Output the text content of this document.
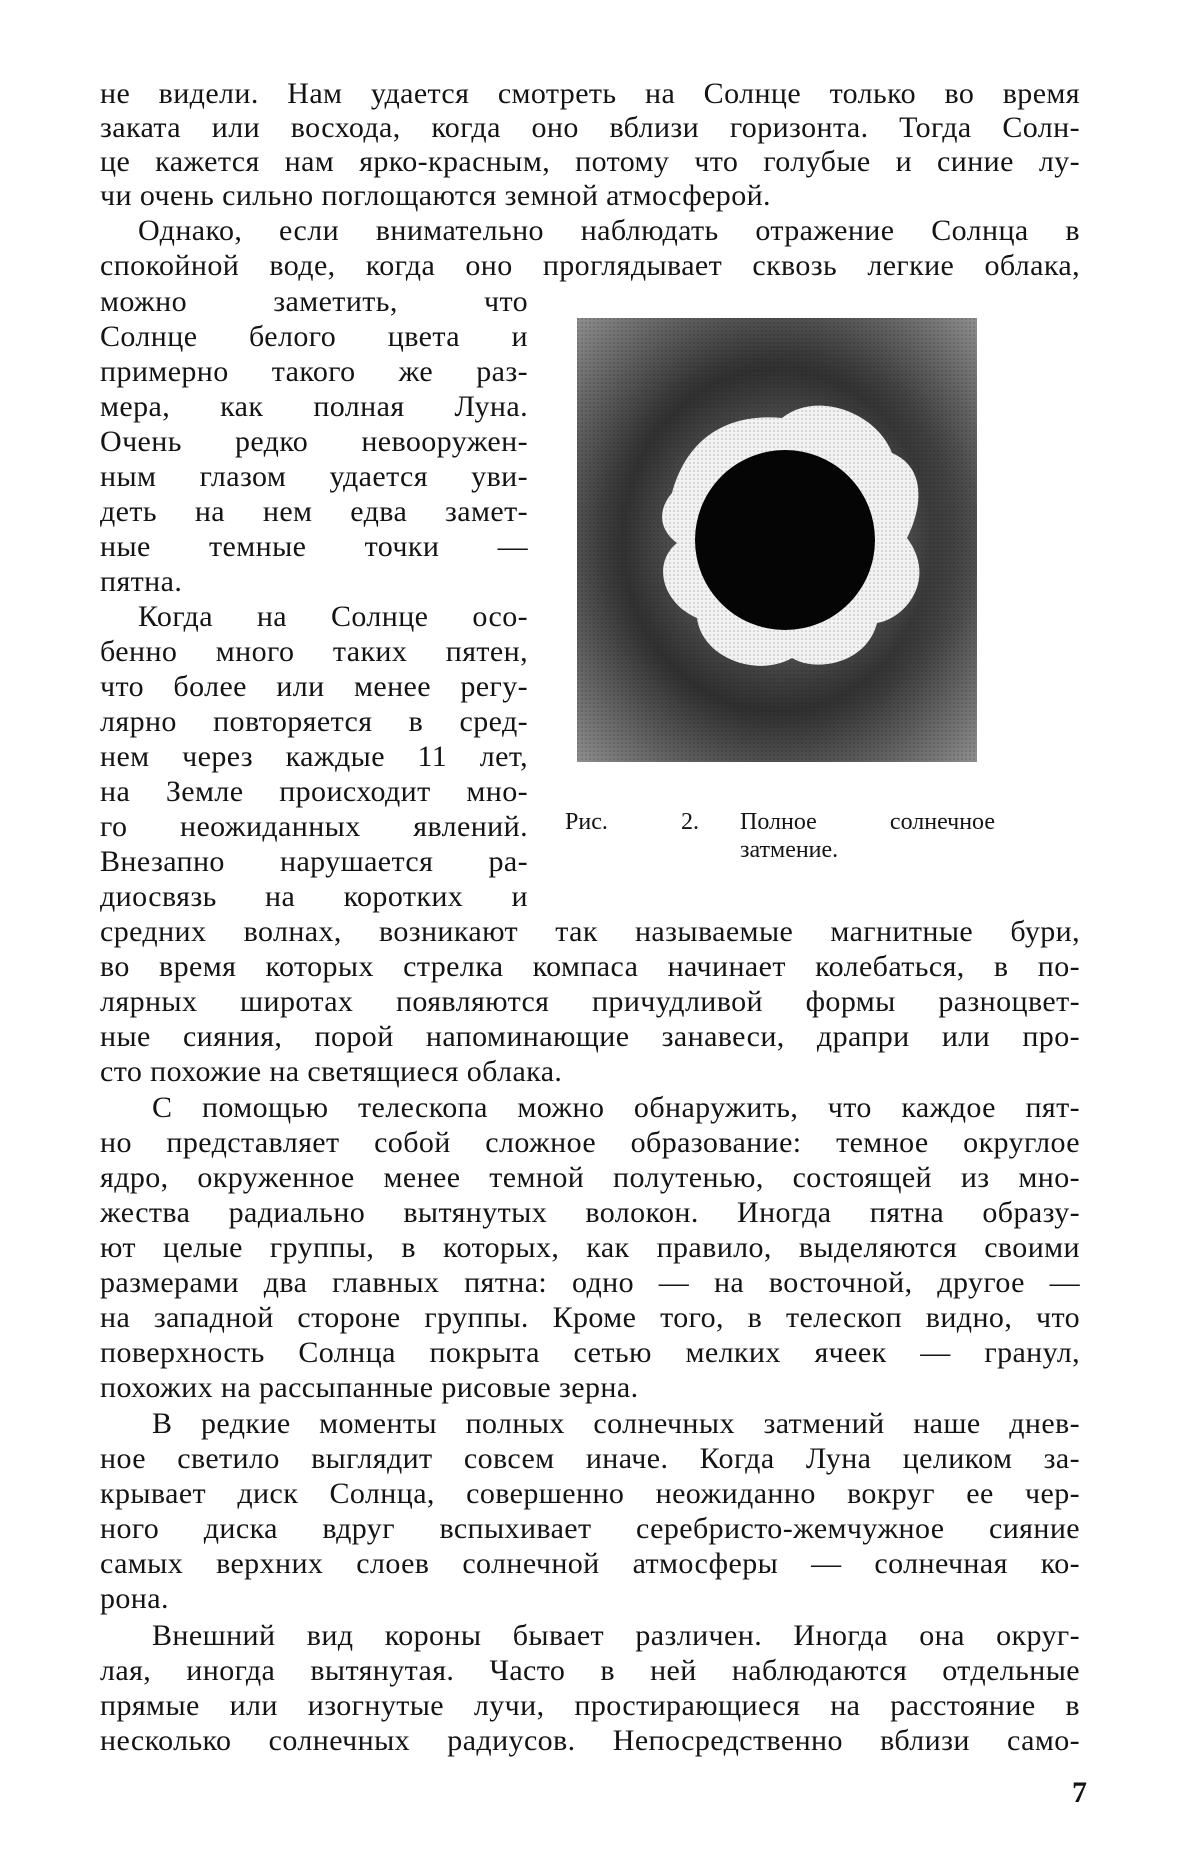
не видели. Нам удается смотреть на Солнце только во время
заката или восхода, когда оно вблизи горизонта. Тогда Солн-
це кажется нам ярко-красным, потому что голубые и синие лу-
чи очень сильно поглощаются земной атмосферой.
Однако, если внимательно наблюдать отражение Солнца в
спокойной воде, когда оно проглядывает сквозь легкие облака,
можно заметить, что
Солнце белого цвета и
примерно такого же раз-
мера, как полная Луна.
Очень редко невооружен-
ным глазом удается уви-
деть на нем едва замет-
ные темные точки —
пятна.
Когда на Солнце осо-
бенно много таких пятен,
что более или менее регу-
лярно повторяется в сред-
нем через каждые 11 лет,
на Земле происходит мно-
го неожиданных явлений.
Внезапно нарушается ра-
диосвязь на коротких и
средних волнах, возникают так называемые магнитные бури,
во время которых стрелка компаса начинает колебаться, в по-
лярных широтах появляются причудливой формы разноцвет-
ные сияния, порой напоминающие занавеси, драпри или про-
сто похожие на светящиеся облака.
С помощью телескопа можно обнаружить, что каждое пят-
но представляет собой сложное образование: темное округлое
ядро, окруженное менее темной полутенью, состоящей из мно-
жества радиально вытянутых волокон. Иногда пятна образу-
ют целые группы, в которых, как правило, выделяются своими
размерами два главных пятна: одно — на восточной, другое —
на западной стороне группы. Кроме того, в телескоп видно, что
поверхность Солнца покрыта сетью мелких ячеек — гранул,
похожих на рассыпанные рисовые зерна.
В редкие моменты полных солнечных затмений наше днев-
ное светило выглядит совсем иначе. Когда Луна целиком за-
крывает диск Солнца, совершенно неожиданно вокруг ее чер-
ного диска вдруг вспыхивает серебристо-жемчужное сияние
самых верхних слоев солнечной атмосферы — солнечная ко-
рона.
Внешний вид короны бывает различен. Иногда она округ-
лая, иногда вытянутая. Часто в ней наблюдаются отдельные
прямые или изогнутые лучи, простирающиеся на расстояние в
несколько солнечных радиусов. Непосредственно вблизи само-
Рис.	2. Полное солнечное
затмение.
7
